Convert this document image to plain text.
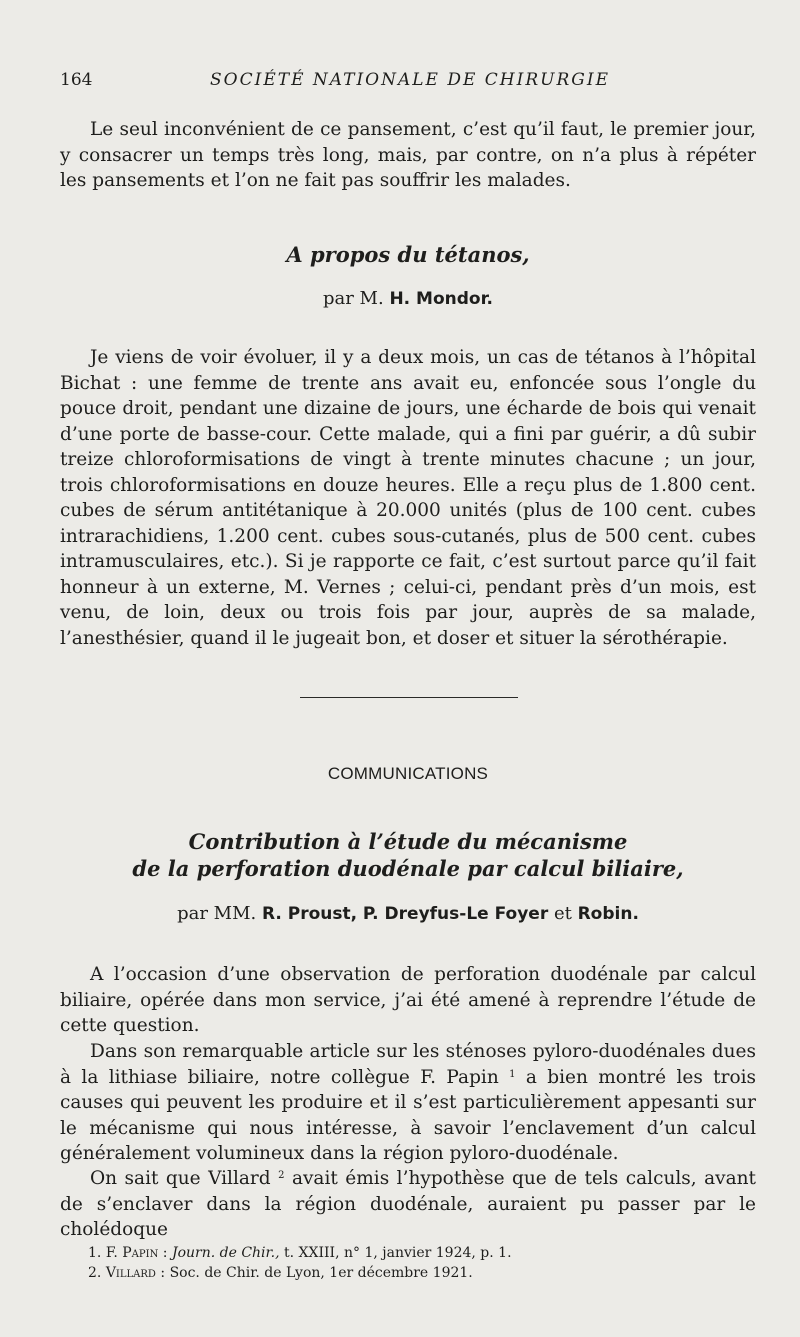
164	SOCIÉTÉ NATIONALE DE CHIRURGIE

Le seul inconvénient de ce pansement, c’est qu’il faut, le premier jour, y consacrer un temps très long, mais, par contre, on n’a plus à répéter les pansements et l’on ne fait pas souffrir les malades.

A propos du tétanos,

par M. H. Mondor.

Je viens de voir évoluer, il y a deux mois, un cas de tétanos à l’hôpital Bichat : une femme de trente ans avait eu, enfoncée sous l’ongle du pouce droit, pendant une dizaine de jours, une écharde de bois qui venait d’une porte de basse-cour. Cette malade, qui a fini par guérir, a dû subir treize chloroformisations de vingt à trente minutes chacune ; un jour, trois chloroformisations en douze heures. Elle a reçu plus de 1.800 cent. cubes de sérum antitétanique à 20.000 unités (plus de 100 cent. cubes intrarachidiens, 1.200 cent. cubes sous-cutanés, plus de 500 cent. cubes intramusculaires, etc.). Si je rapporte ce fait, c’est surtout parce qu’il fait honneur à un externe, M. Vernes ; celui-ci, pendant près d’un mois, est venu, de loin, deux ou trois fois par jour, auprès de sa malade, l’anesthésier, quand il le jugeait bon, et doser et situer la sérothérapie.

COMMUNICATIONS
Contribution à l’étude du mécanisme
de la perforation duodénale par calcul biliaire,

par MM. R. Proust, P. Dreyfus-Le Foyer et Robin.

A l’occasion d’une observation de perforation duodénale par calcul biliaire, opérée dans mon service, j’ai été amené à reprendre l’étude de cette question.

Dans son remarquable article sur les sténoses pyloro-duodénales dues à la lithiase biliaire, notre collègue F. Papin $^1$ a bien montré les trois causes qui peuvent les produire et il s’est particulièrement appesanti sur le mécanisme qui nous intéresse, à savoir l’enclavement d’un calcul généralement volumineux dans la région pyloro-duodénale.

On sait que Villard $^2$ avait émis l’hypothèse que de tels calculs, avant de s’enclaver dans la région duodénale, auraient pu passer par le cholédoque

1. F. Papin : Journ. de Chir., t. XXIII, n° 1, janvier 1924, p. 1.
2. Villard : Soc. de Chir. de Lyon, 1er décembre 1921.
